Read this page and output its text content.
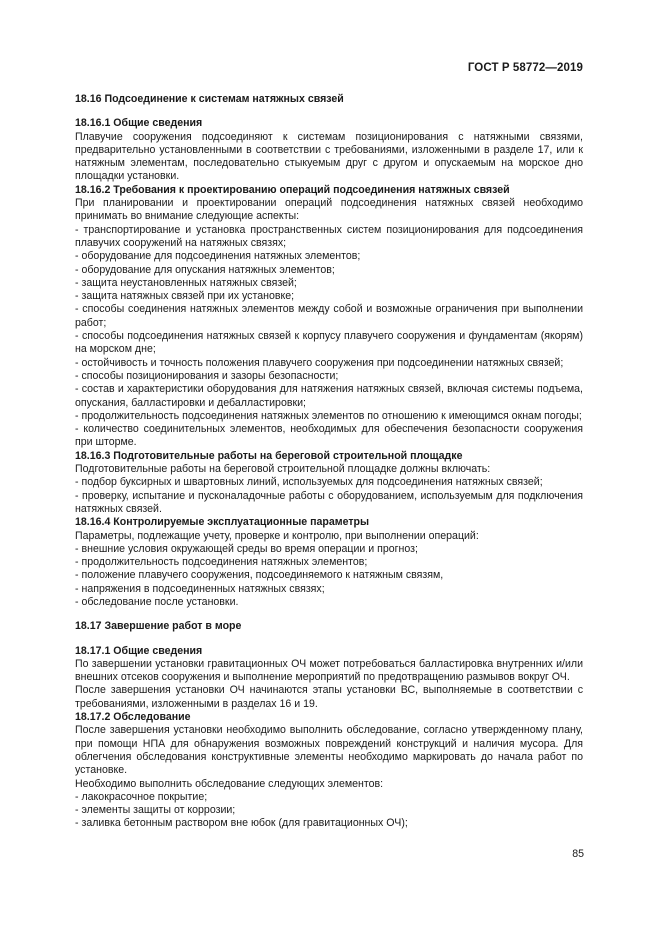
ГОСТ Р 58772—2019

18.16 Подсоединение к системам натяжных связей

18.16.1 Общие сведения

Плавучие сооружения подсоединяют к системам позиционирования с натяжными связями, предварительно установленными в соответствии с требованиями, изложенными в разделе 17, или к натяжным элементам, последовательно стыкуемым друг с другом и опускаемым на морское дно площадки установки.

18.16.2 Требования к проектированию операций подсоединения натяжных связей

При планировании и проектировании операций подсоединения натяжных связей необходимо принимать во внимание следующие аспекты:

- транспортирование и установка пространственных систем позиционирования для подсоединения плавучих сооружений на натяжных связях;

- оборудование для подсоединения натяжных элементов;

- оборудование для опускания натяжных элементов;

- защита неустановленных натяжных связей;

- защита натяжных связей при их установке;

- способы соединения натяжных элементов между собой и возможные ограничения при выполнении работ;

- способы подсоединения натяжных связей к корпусу плавучего сооружения и фундаментам (якорям) на морском дне;

- остойчивость и точность положения плавучего сооружения при подсоединении натяжных связей;

- способы позиционирования и зазоры безопасности;

- состав и характеристики оборудования для натяжения натяжных связей, включая системы подъема, опускания, балластировки и дебалластировки;

- продолжительность подсоединения натяжных элементов по отношению к имеющимся окнам погоды;

- количество соединительных элементов, необходимых для обеспечения безопасности сооружения при шторме.

18.16.3 Подготовительные работы на береговой строительной площадке

Подготовительные работы на береговой строительной площадке должны включать:

- подбор буксирных и швартовных линий, используемых для подсоединения натяжных связей;

- проверку, испытание и пусконаладочные работы с оборудованием, используемым для подключения натяжных связей.

18.16.4 Контролируемые эксплуатационные параметры

Параметры, подлежащие учету, проверке и контролю, при выполнении операций:

- внешние условия окружающей среды во время операции и прогноз;

- продолжительность подсоединения натяжных элементов;

- положение плавучего сооружения, подсоединяемого к натяжным связям,

- напряжения в подсоединенных натяжных связях;

- обследование после установки.

18.17 Завершение работ в море

18.17.1 Общие сведения

По завершении установки гравитационных ОЧ может потребоваться балластировка внутренних и/или внешних отсеков сооружения и выполнение мероприятий по предотвращению размывов вокруг ОЧ.

После завершения установки ОЧ начинаются этапы установки ВС, выполняемые в соответствии с требованиями, изложенными в разделах 16 и 19.

18.17.2 Обследование

После завершения установки необходимо выполнить обследование, согласно утвержденному плану, при помощи НПА для обнаружения возможных повреждений конструкций и наличия мусора. Для облегчения обследования конструктивные элементы необходимо маркировать до начала работ по установке.

Необходимо выполнить обследование следующих элементов:

- лакокрасочное покрытие;

- элементы защиты от коррозии;

- заливка бетонным раствором вне юбок (для гравитационных ОЧ);

85
